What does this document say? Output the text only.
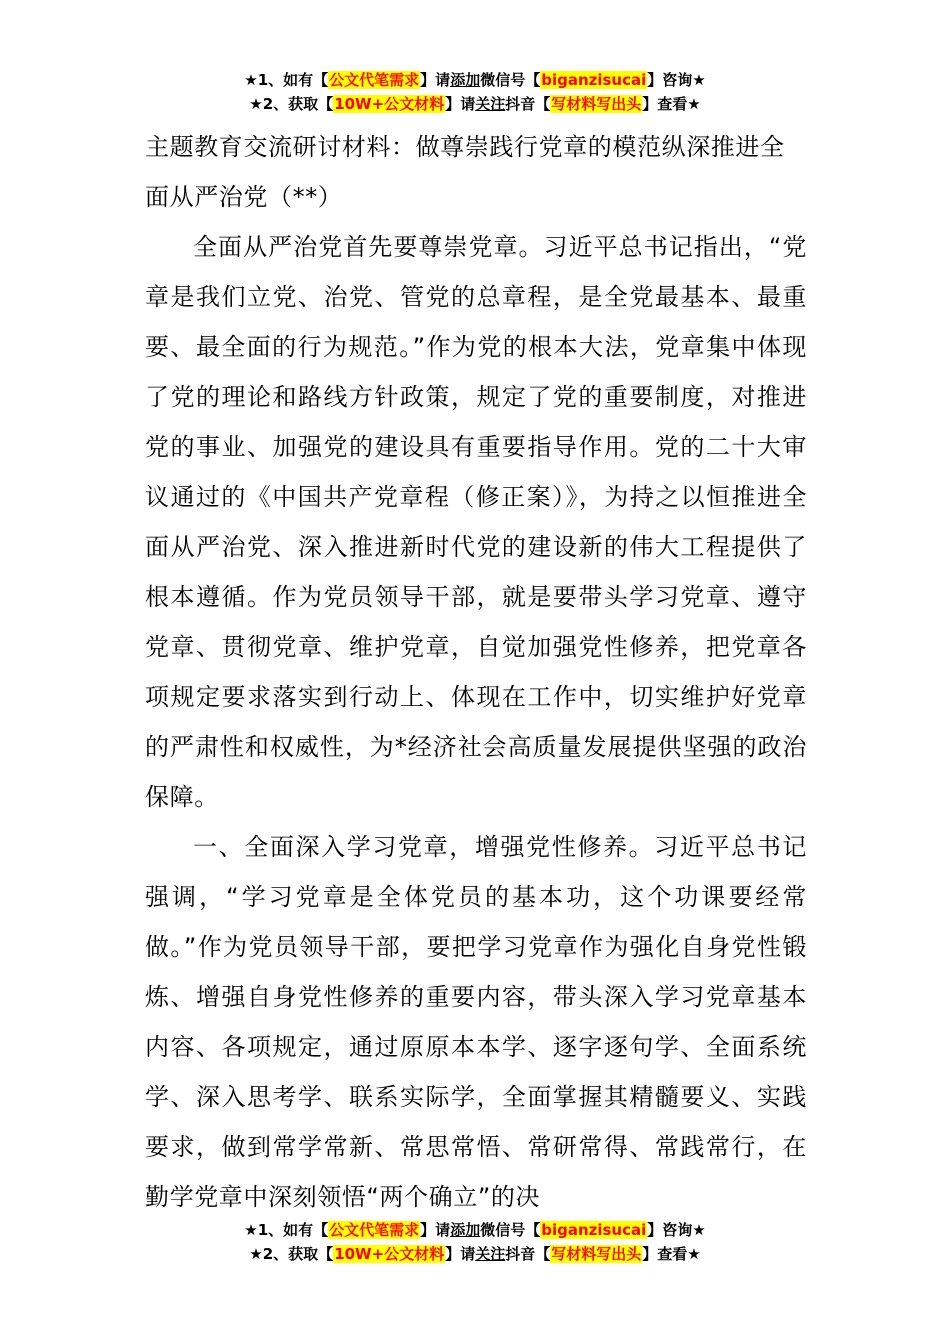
★1、如有【公文代笔需求】请添加微信号【biganzisucai】咨询★
★2、获取【10W+公文材料】请关注抖音【写材料写出头】查看★
主题教育交流研讨材料：做尊崇践行党章的模范纵深推进全面从严治党（**）

全面从严治党首先要尊崇党章。习近平总书记指出，“党章是我们立党、治党、管党的总章程，是全党最基本、最重要、最全面的行为规范。”作为党的根本大法，党章集中体现了党的理论和路线方针政策，规定了党的重要制度，对推进党的事业、加强党的建设具有重要指导作用。党的二十大审议通过的《中国共产党章程（修正案）》，为持之以恒推进全面从严治党、深入推进新时代党的建设新的伟大工程提供了根本遵循。作为党员领导干部，就是要带头学习党章、遵守党章、贯彻党章、维护党章，自觉加强党性修养，把党章各项规定要求落实到行动上、体现在工作中，切实维护好党章的严肃性和权威性，为*经济社会高质量发展提供坚强的政治保障。

一、全面深入学习党章，增强党性修养。习近平总书记强调，“学习党章是全体党员的基本功，这个功课要经常做。”作为党员领导干部，要把学习党章作为强化自身党性锻炼、增强自身党性修养的重要内容，带头深入学习党章基本内容、各项规定，通过原原本本学、逐字逐句学、全面系统学、深入思考学、联系实际学，全面掌握其精髓要义、实践要求，做到常学常新、常思常悟、常研常得、常践常行，在勤学党章中深刻领悟“两个确立”的决

★1、如有【公文代笔需求】请添加微信号【biganzisucai】咨询★
★2、获取【10W+公文材料】请关注抖音【写材料写出头】查看★
